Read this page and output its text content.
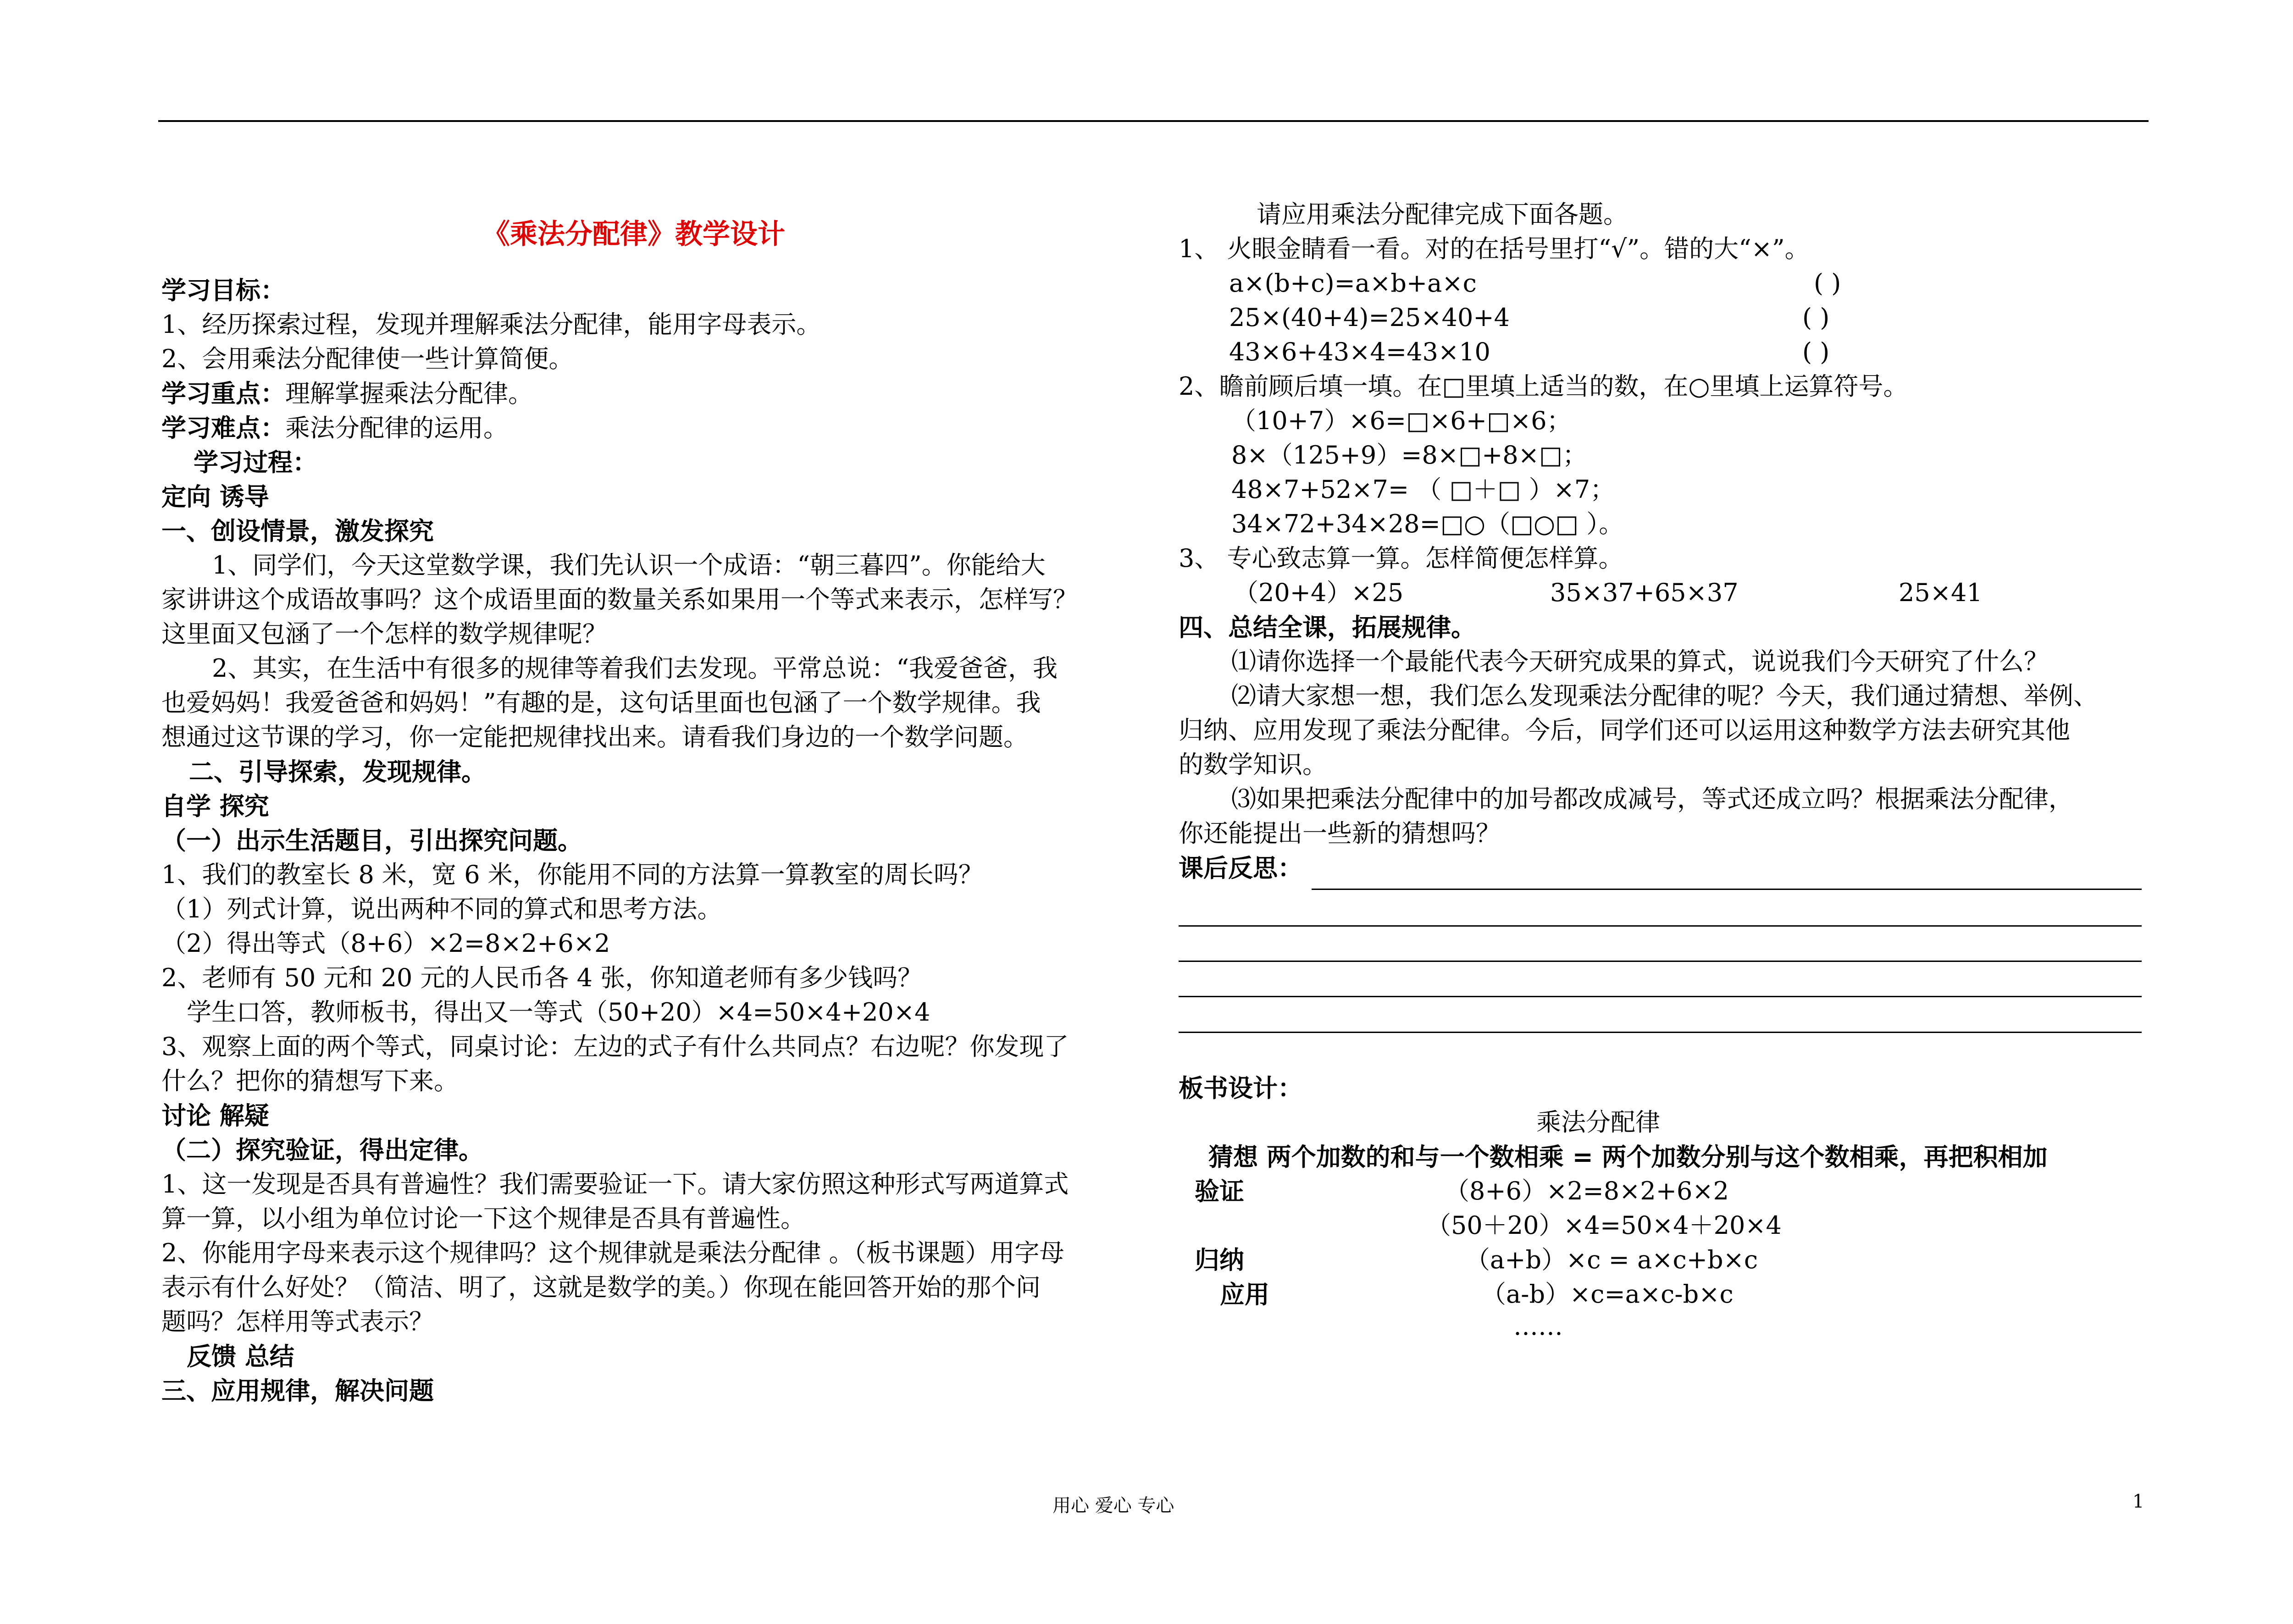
《乘法分配律》教学设计
学习目标：
1、经历探索过程，发现并理解乘法分配律，能用字母表示。
2、会用乘法分配律使一些计算简便。
学习重点：理解掌握乘法分配律。
学习难点：乘法分配律的运用。
学习过程：
定向 诱导
一、创设情景，激发探究
1、同学们，今天这堂数学课，我们先认识一个成语：“朝三暮四”。你能给大
家讲讲这个成语故事吗？这个成语里面的数量关系如果用一个等式来表示，怎样写？
这里面又包涵了一个怎样的数学规律呢？
2、其实，在生活中有很多的规律等着我们去发现。平常总说：“我爱爸爸，我
也爱妈妈！我爱爸爸和妈妈！”有趣的是，这句话里面也包涵了一个数学规律。我
想通过这节课的学习，你一定能把规律找出来。请看我们身边的一个数学问题。
二、引导探索，发现规律。
自学 探究
（一）出示生活题目，引出探究问题。
1、我们的教室长 8 米，宽 6 米，你能用不同的方法算一算教室的周长吗？
（1）列式计算，说出两种不同的算式和思考方法。
（2）得出等式（8+6）×2=8×2+6×2
2、老师有 50 元和 20 元的人民币各 4 张，你知道老师有多少钱吗？
学生口答，教师板书，得出又一等式（50+20）×4=50×4+20×4
3、观察上面的两个等式，同桌讨论：左边的式子有什么共同点？右边呢？你发现了
什么？把你的猜想写下来。
讨论 解疑
（二）探究验证，得出定律。
1、这一发现是否具有普遍性？我们需要验证一下。请大家仿照这种形式写两道算式
算一算，以小组为单位讨论一下这个规律是否具有普遍性。
2、你能用字母来表示这个规律吗？这个规律就是乘法分配律 。（板书课题）用字母
表示有什么好处？（简洁、明了，这就是数学的美。）你现在能回答开始的那个问
题吗？怎样用等式表示？
反馈 总结
三、应用规律，解决问题
请应用乘法分配律完成下面各题。
1、 火眼金睛看一看。对的在括号里打“√”。错的大“×”。
a×(b+c)=a×b+a×c	( )
25×(40+4)=25×40+4	( )
43×6+43×4=43×10	( )
2、瞻前顾后填一填。在□里填上适当的数，在○里填上运算符号。
（10+7）×6=□×6+□×6；
8×（125+9）=8×□+8×□；
48×7+52×7= （ □＋□ ）×7；
34×72+34×28=□○（□○□ ）。
3、 专心致志算一算。怎样简便怎样算。
（20+4）×25	35×37+65×37	25×41
四、总结全课，拓展规律。
⑴请你选择一个最能代表今天研究成果的算式，说说我们今天研究了什么？
⑵请大家想一想，我们怎么发现乘法分配律的呢？今天，我们通过猜想、举例、
归纳、应用发现了乘法分配律。今后，同学们还可以运用这种数学方法去研究其他
的数学知识。
⑶如果把乘法分配律中的加号都改成减号，等式还成立吗？根据乘法分配律，
你还能提出一些新的猜想吗？
课后反思：
板书设计：
乘法分配律
猜想 两个加数的和与一个数相乘 = 两个加数分别与这个数相乘，再把积相加
验证	（8+6）×2=8×2+6×2
（50＋20）×4=50×4＋20×4
归纳	（a+b）×c = a×c+b×c
应用	（a-b）×c=a×c-b×c
……
用心 爱心 专心	1
